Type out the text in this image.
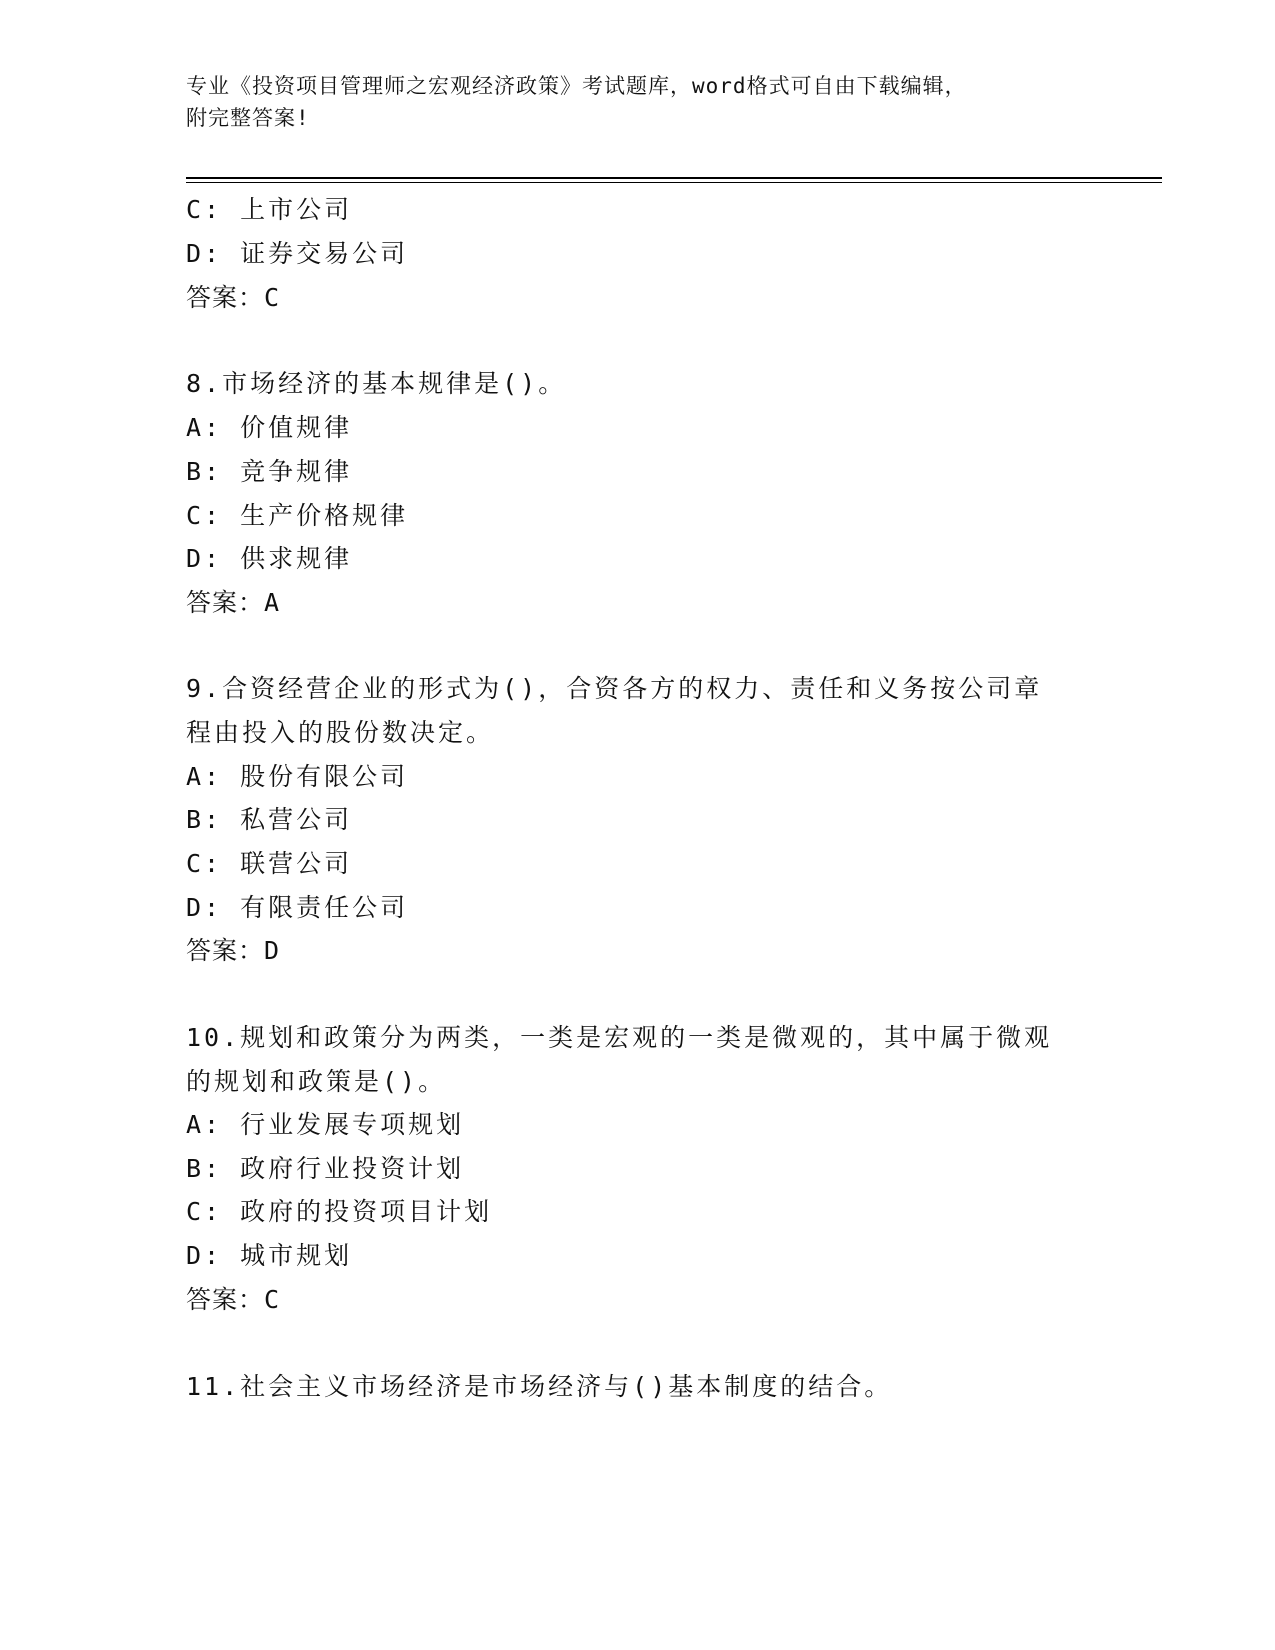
专业《投资项目管理师之宏观经济政策》考试题库，word格式可自由下载编辑，
附完整答案!
C: 上市公司
D: 证券交易公司
答案：C
8.市场经济的基本规律是()。
A: 价值规律
B: 竞争规律
C: 生产价格规律
D: 供求规律
答案：A
9.合资经营企业的形式为()，合资各方的权力、责任和义务按公司章
程由投入的股份数决定。
A: 股份有限公司
B: 私营公司
C: 联营公司
D: 有限责任公司
答案：D
10.规划和政策分为两类，一类是宏观的一类是微观的，其中属于微观
的规划和政策是()。
A: 行业发展专项规划
B: 政府行业投资计划
C: 政府的投资项目计划
D: 城市规划
答案：C
11.社会主义市场经济是市场经济与()基本制度的结合。
